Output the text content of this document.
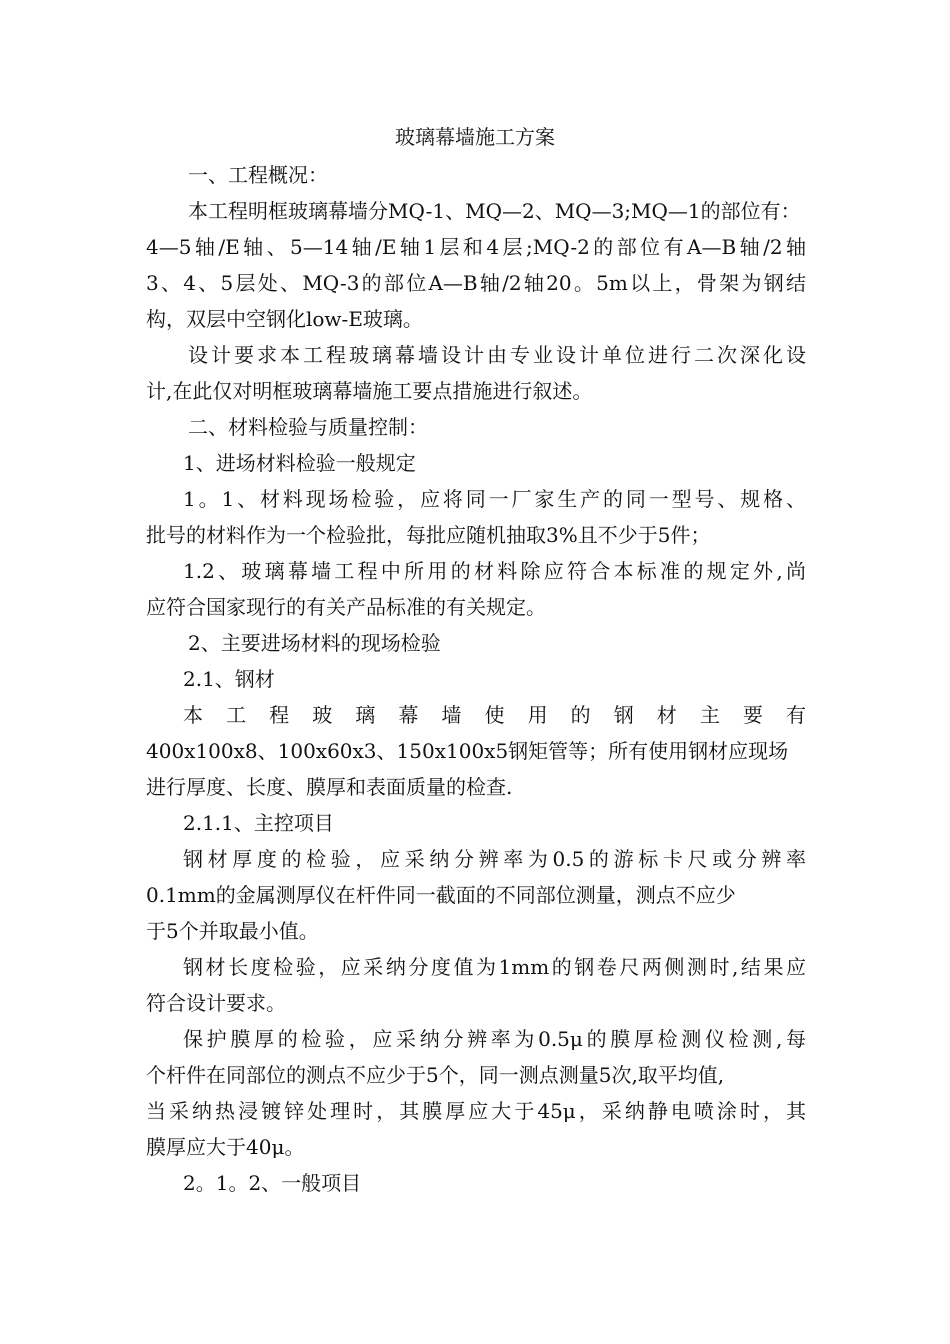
玻璃幕墙施工方案
一、工程概况：
本工程明框玻璃幕墙分MQ-1、MQ—2、MQ—3;MQ—1的部位有：
4—5轴/E轴、5—14轴/E轴1层和4层;MQ-2的部位有A—B轴/2轴
3、4、5层处、MQ-3的部位A—B轴/2轴20。5m以上，骨架为钢结
构，双层中空钢化low-E玻璃。
设计要求本工程玻璃幕墙设计由专业设计单位进行二次深化设
计,在此仅对明框玻璃幕墙施工要点措施进行叙述。
二、材料检验与质量控制：
1、进场材料检验一般规定
1。1、材料现场检验，应将同一厂家生产的同一型号、规格、
批号的材料作为一个检验批，每批应随机抽取3%且不少于5件；
1.2、玻璃幕墙工程中所用的材料除应符合本标准的规定外,尚
应符合国家现行的有关产品标准的有关规定。
2、主要进场材料的现场检验
2.1、钢材
本工程玻璃幕墙使用的钢材主要有
400x100x8、100x60x3、150x100x5钢矩管等；所有使用钢材应现场
进行厚度、长度、膜厚和表面质量的检查.
2.1.1、主控项目
钢材厚度的检验，应采纳分辨率为0.5的游标卡尺或分辨率
0.1mm的金属测厚仪在杆件同一截面的不同部位测量，测点不应少
于5个并取最小值。
钢材长度检验，应采纳分度值为1mm的钢卷尺两侧测时,结果应
符合设计要求。
保护膜厚的检验，应采纳分辨率为0.5μ的膜厚检测仪检测,每
个杆件在同部位的测点不应少于5个，同一测点测量5次,取平均值,
当采纳热浸镀锌处理时，其膜厚应大于45μ，采纳静电喷涂时，其
膜厚应大于40μ。
2。1。2、一般项目
